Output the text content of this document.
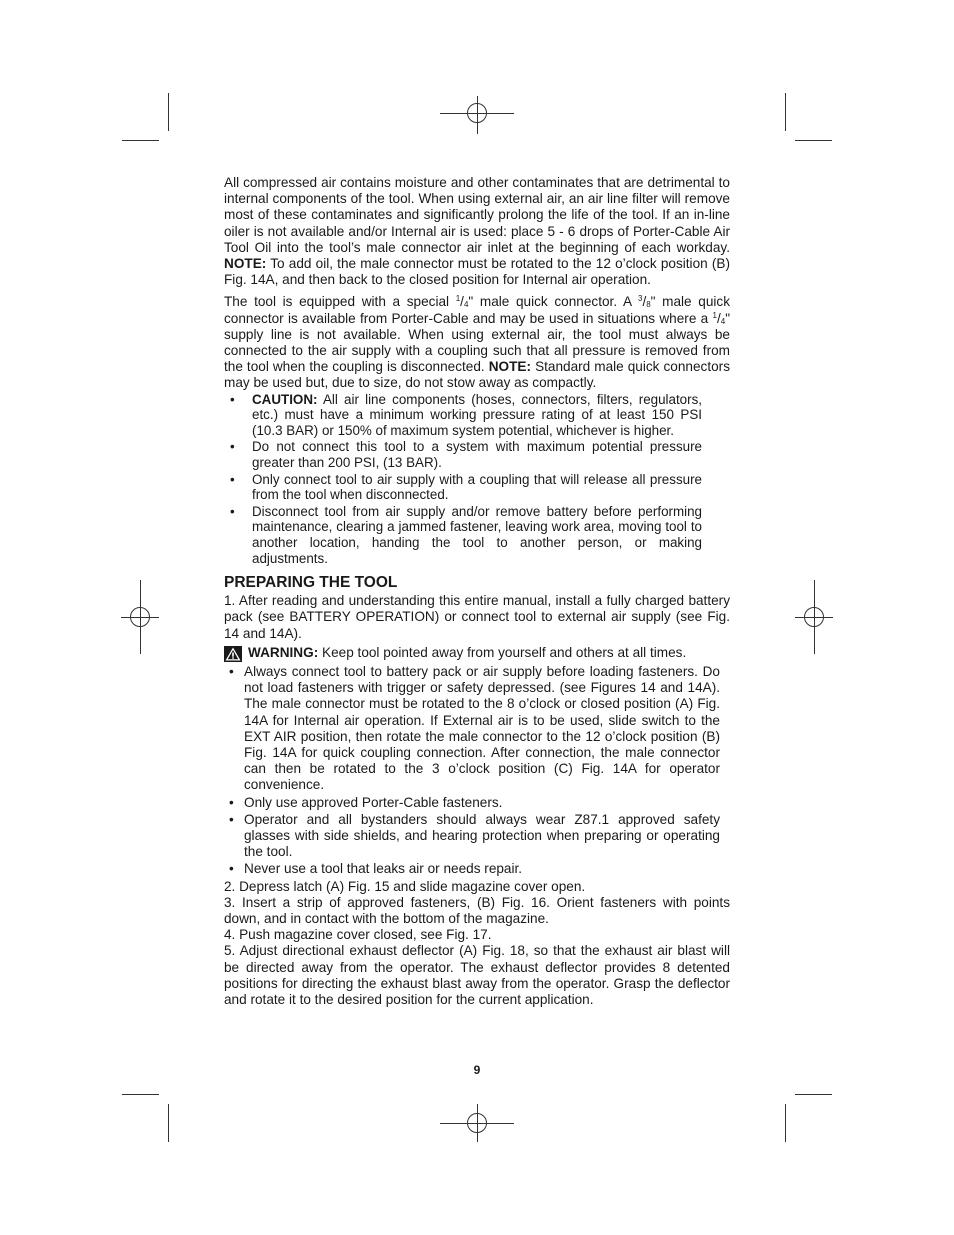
All compressed air contains moisture and other contaminates that are detrimental to internal components of the tool. When using external air, an air line filter will remove most of these contaminates and significantly prolong the life of the tool. If an in-line oiler is not available and/or Internal air is used: place 5 - 6 drops of Porter-Cable Air Tool Oil into the tool’s male connector air inlet at the beginning of each workday. NOTE: To add oil, the male connector must be rotated to the 12 o’clock position (B) Fig. 14A, and then back to the closed position for Internal air operation.

The tool is equipped with a special $^1/_4$" male quick connector. A $^3/_8$" male quick connector is available from Porter-Cable and may be used in situations where a $^1/_4$" supply line is not available. When using external air, the tool must always be connected to the air supply with a coupling such that all pressure is removed from the tool when the coupling is disconnected. NOTE: Standard male quick connectors may be used but, due to size, do not stow away as compactly.

• CAUTION: All air line components (hoses, connectors, filters, regulators, etc.) must have a minimum working pressure rating of at least 150 PSI (10.3 BAR) or 150% of maximum system potential, whichever is higher.
• Do not connect this tool to a system with maximum potential pressure greater than 200 PSI, (13 BAR).
• Only connect tool to air supply with a coupling that will release all pressure from the tool when disconnected.
• Disconnect tool from air supply and/or remove battery before performing maintenance, clearing a jammed fastener, leaving work area, moving tool to another location, handing the tool to another person, or making adjustments.
PREPARING THE TOOL

1. After reading and understanding this entire manual, install a fully charged battery pack (see BATTERY OPERATION) or connect tool to external air supply (see Fig. 14 and 14A).

WARNING: Keep tool pointed away from yourself and others at all times.
• Always connect tool to battery pack or air supply before loading fasteners. Do not load fasteners with trigger or safety depressed. (see Figures 14 and 14A). The male connector must be rotated to the 8 o’clock or closed position (A) Fig. 14A for Internal air operation. If External air is to be used, slide switch to the EXT AIR position, then rotate the male connector to the 12 o’clock position (B) Fig. 14A for quick coupling connection. After connection, the male connector can then be rotated to the 3 o’clock position (C) Fig. 14A for operator convenience.
• Only use approved Porter-Cable fasteners.
• Operator and all bystanders should always wear Z87.1 approved safety glasses with side shields, and hearing protection when preparing or operating the tool.
• Never use a tool that leaks air or needs repair.

2. Depress latch (A) Fig. 15 and slide magazine cover open.

3. Insert a strip of approved fasteners, (B) Fig. 16. Orient fasteners with points down, and in contact with the bottom of the magazine.

4. Push magazine cover closed, see Fig. 17.

5. Adjust directional exhaust deflector (A) Fig. 18, so that the exhaust air blast will be directed away from the operator. The exhaust deflector provides 8 detented positions for directing the exhaust blast away from the operator. Grasp the deflector and rotate it to the desired position for the current application.

9
